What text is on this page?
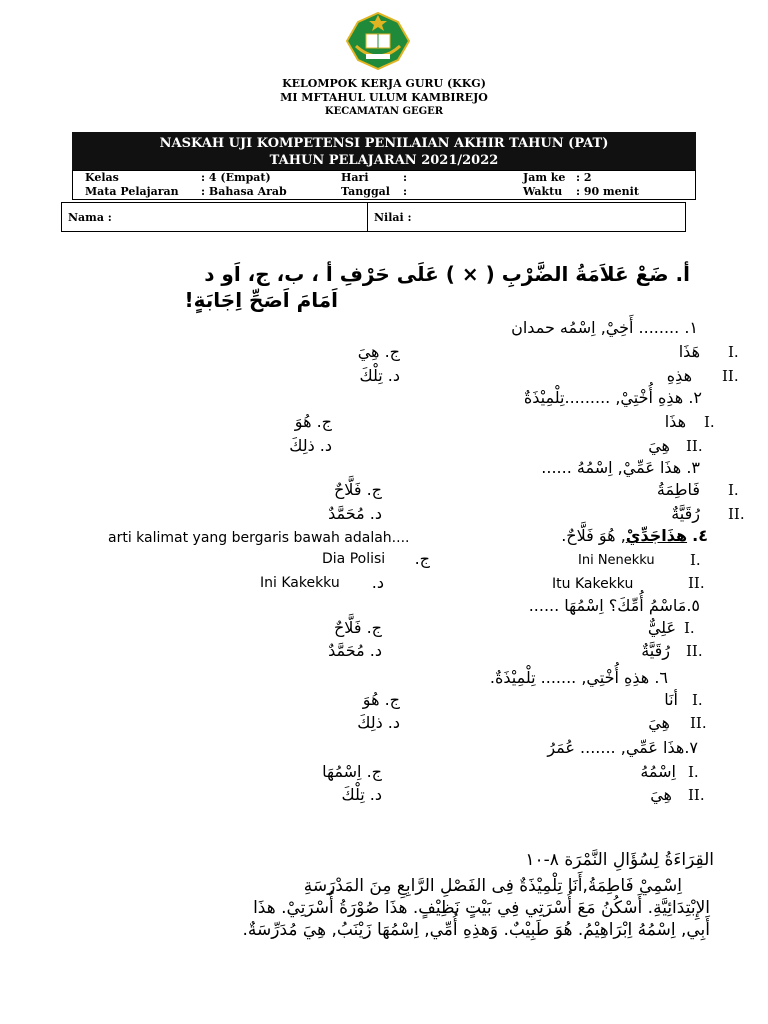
KELOMPOK KERJA GURU (KKG)
MI MFTAHUL ULUM KAMBIREJO
KECAMATAN GEGER
NASKAH UJI KOMPETENSI PENILAIAN AKHIR TAHUN (PAT)
TAHUN PELAJARAN 2021/2022
Kelas	: 4 (Empat)	Hari	:	Jam ke : 2
Mata Pelajaran : Bahasa Arab	Tanggal :	Waktu : 90 menit
Nama :	Nilai :
أ. ضَعْ عَلاَمَةُ الضَّرْبِ ( × ) عَلَى حَرْفِ أ ، ب، ج، اَو د
اَمَامَ اَصَحِّ اِجَابَةٍ!
١. ........ أَخِيْ, اِسْمُه حمدان
I.
هَذَا
ج. هِيَ
II.
هذِهِ
د. تِلْكَ
٢. هذِهِ أُخْتِيْ, .........تِلْمِيْذَةٌ
I.
هذَا
ج. هُوَ
II.
هِيَ
د. ذلِكَ
٣. هذَا عَمِّيْ, اِسْمُهُ ......
I.
فَاطِمَةُ
ج. فَلَّاحٌ
II.
رُقَيَّةٌ
د. مُحَمَّدٌ
٤. هذَاجَدِّيْ, هُوَ فَلَّاحٌ.
arti kalimat yang bergaris bawah adalah....
I.
Ini Nenekku
Dia Polisi ج.
II.
Itu Kakekku
Ini Kakekku د.
٥.مَاسْمُ أُمِّكَ؟ اِسْمُهَا ......
I.
عَلِيٌّ
ج. فَلَّاحٌ
II.
رُقَيَّةٌ
د. مُحَمَّدٌ
٦. هذِهِ أُخْتِي, ....... تِلْمِيْذَةٌ.
I.
أنَا
ج. هُوَ
II.
هِيَ
د. ذلِكَ
٧.هذَا عَمِّي, ....... عُمَرُ
I.
اِسْمُهُ
ج. اِسْمُهَا
II.
هِيَ
د. تِلْكَ
القِرَاءَةُ لِسُؤَالِ النَّمْرَة ٨-١٠
اِسْمِيْ فَاطِمَةُ,أَنَا تِلْمِيْذَةٌ فِى الفَصْلِ الرَّابِعِ مِنَ المَدْرَسَةِ
الإِبْتِدَائِيَّةِ. أَسْكُنُ مَعَ أُسْرَتِي فِي بَيْتٍ نَظِيْفٍ. هذَا صُوْرَةُ أُسْرَتِيْ. هذَا
أَبِي, اِسْمُهُ اِبْرَاهِيْمُ. هُوَ طَبِيْبٌ. وَهذِهِ أُمِّي, اِسْمُهَا زَيْنَبُ, هِيَ مُدَرِّسَةٌ.
